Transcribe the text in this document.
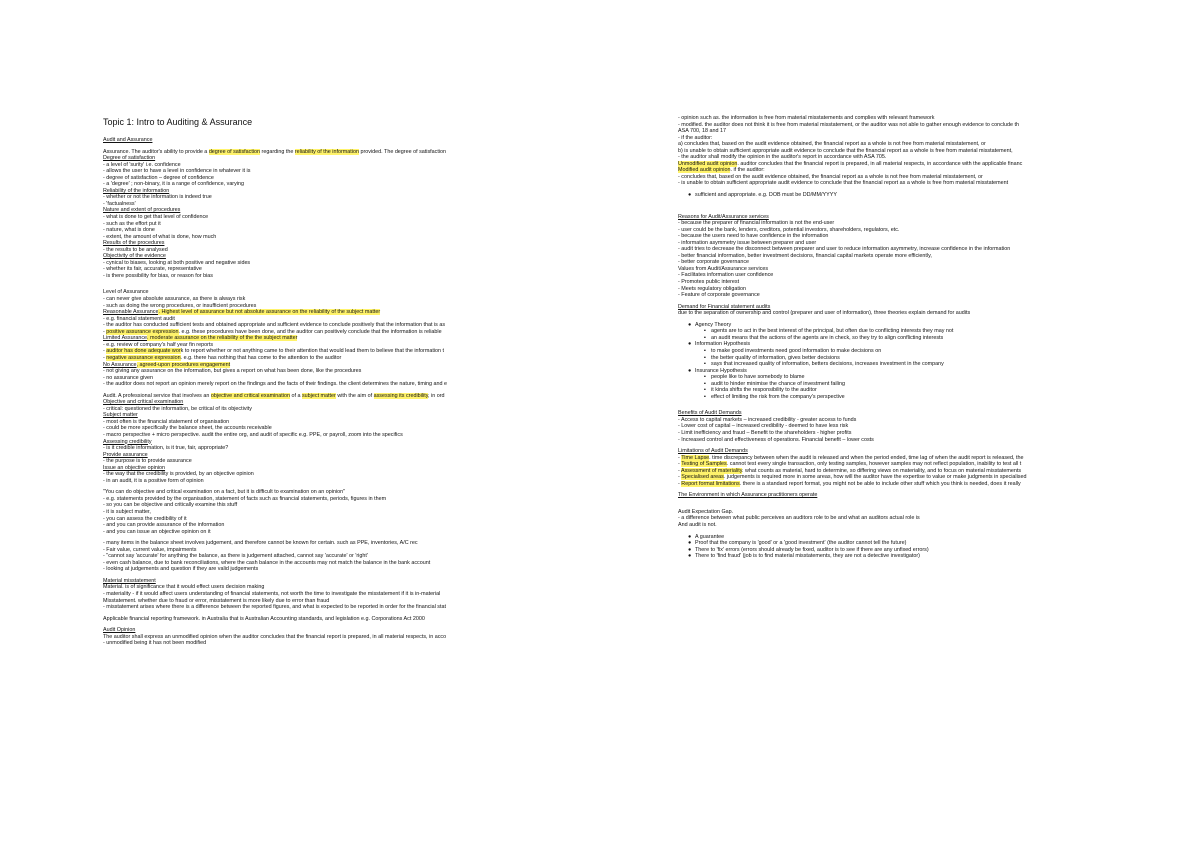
Topic 1: Intro to Auditing & Assurance
Audit and Assurance
Assurance. The auditor's ability to provide a degree of satisfaction regarding the reliability of the information provided. The degree of satisfaction
Degree of satisfaction
- a level of 'surity' i.e. confidence
- allows the user to have a level in confidence in whatever it is
- degree of satisfaction – degree of confidence
- a 'degree' ; non-binary, it is a range of confidence, varying
Reliability of the information
- whether or not the information is indeed true
- 'factualness'
Nature and extent of procedures
- what is done to get that level of confidence
- such as the effort put it
- nature, what is done
- extent, the amount of what is done, how much
Results of the procedures
- the results to be analysed
Objectivity of the evidence
- cynical to biases, looking at both positive and negative sides
- whether its fair, accurate, representative
- is there possibility for bias, or reason for bias
Level of Assurance
- can never give absolute assurance, as there is always risk
- such as doing the wrong procedures, or insufficient procedures
Reasonable Assurance. Highest level of assurance but not absolute assurance on the reliability of the subject matter
- e.g. financial statement audit
- the auditor has conducted sufficient tests and obtained appropriate and sufficient evidence to conclude positively that the information that is as
- positive assurance expression. e.g. these procedures have been done, and the auditor can positively conclude that the information is reliable
Limited Assurance. moderate assurance on the reliability of the the subject matter
- e.g. review of company's half year fin reports
- auditor has done adequate work to report whether or not anything came to their attention that would lead them to believe that the information t
- negative assurance expression. e.g. there has nothing that has come to the attention to the auditor
No Assurance, agreed-upon procedures engagement
- not giving any assurance on the information, but gives a report on what has been done, like the procedures
- no assurance given
- the auditor does not report an opinion merely report on the findings and the facts of their findings. the client determines the nature, timing and e
Audit. A professional service that involves an objective and critical examination of a subject matter with the aim of assessing its credibility, in ord
Objective and critical examination
- critical: questioned the information, be critical of its objectivity
Subject matter
- most often is the financial statement of organisation
- could be more specifically the balance sheet, the accounts receivable
- macro perspective + micro perspective. audit the entire org, and audit of specific e.g. PPE, or payroll, zoom into the specifics
Assessing credibility
- is it credible information, is it true, fair, appropriate?
Provide assurance
- the purpose is to provide assurance
Issue an objective opinion
- the way that the credibility is provided, by an objective opinion
- in an audit, it is a positive form of opinion
"You can do objective and critical examination on a fact, but it is difficult to examination on an opinion"
- e.g. statements provided by the organisation, statement of facts such as financial statements, periods, figures in them
- so you can be objective and critically examine this stuff
- it is subject matter,
- you can assess the credibility of it
- and you can provide assurance of the information
- and you can issue an objective opinion on it
- many items in the balance sheet involves judgement, and therefore cannot be known for certain. such as PPE, inventories, A/C rec
- Fair value, current value, impairments
- "cannot say 'accurate' for anything the balance, as there is judgement attached, cannot say 'accurate' or 'right'
- even cash balance, due to bank reconciliations, where the cash balance in the accounts may not match the balance in the bank account
- looking at judgements and question if they are valid judgements
Material misstatement
Material. is of significance that it would effect users decision making
- materiality - if it would affect users understanding of financial statements, not worth the time to investigate the misstatement if it is in-material
Misstatement. whether due to fraud or error, misstatement is more likely due to error than fraud
- misstatement arises where there is a difference between the reported figures, and what is expected to be reported in order for the financial stat
Applicable financial reporting framework. in Australia that is Australian Accounting standards, and legislation e.g. Corporations Act 2000
Audit Opinion
The auditor shall express an unmodified opinion when the auditor concludes that the financial report is prepared, in all material respects, in acco
- unmodified being it has not been modified
- opinion such as. the information is free from material misstatements and complies with relevant framework
- modified. the auditor does not think it is free from material misstatement, or the auditor was not able to gather enough evidence to conclude th
ASA 700, 18 and 17
- if the auditor:
a) concludes that, based on the audit evidence obtained, the financial report as a whole is not free from material misstatement, or
b) is unable to obtain sufficient appropriate audit evidence to conclude that the financial report as a whole is free from material misstatement,
- the auditor shall modify the opinion in the auditor's report in accordance with ASA 705.
Unmodified audit opinion. auditor concludes that the financial report is prepared, in all material respects, in accordance with the applicable financ
Modified audit opinion. if the auditor:
- concludes that, based on the audit evidence obtained, the financial report as a whole is not free from material misstatement, or
- is unable to obtain sufficient appropriate audit evidence to conclude that the financial report as a whole is free from material misstatement
● sufficient and appropriate. e.g. DOB must be DD/MM/YYYY
Reasons for Audit/Assurance services
- because the preparer of financial information is not the end-user
- user could be the bank, lenders, creditors, potential investors, shareholders, regulators, etc.
- because the users need to have confidence in the information
- information asymmetry issue between preparer and user
- audit tries to decrease the disconnect between preparer and user to reduce information asymmetry, increase confidence in the information
- better financial information, better investment decisions, financial capital markets operate more efficiently,
- better corporate governance
Values from Audit/Assurance services
- Facilitates information user confidence
- Promotes public interest
- Meets regulatory obligation
- Feature of corporate governance
Demand for Financial statement audits
due to the separation of ownership and control (preparer and user of information), three theories explain demand for audits
● Agency Theory
▪ agents are to act in the best interest of the principal, but often due to conflicting interests they may not
▪ an audit means that the actions of the agents are in check, so they try to align conflicting interests
● Information Hypothesis
▪ to make good investments need good information to make decisions on
▪ the better quality of information, gives better decisions
▪ says that increased quality of information, betters decisions, increases investment in the company
● Insurance Hypothesis
▪ people like to have somebody to blame
▪ audit to hinder minimise the chance of investment failing
▪ it kinda shifts the responsibility to the auditor
▪ effect of limiting the risk from the company's perspective
Benefits of Audit Demands
- Access to capital markets – increased credibility - greater access to funds
- Lower cost of capital – increased credibility - deemed to have less risk
- Limit inefficiency and fraud – Benefit to the shareholders - higher profits
- Increased control and effectiveness of operations. Financial benefit – lower costs
Limitations of Audit Demands
- Time Lapse. time discrepancy between when the audit is released and when the period ended, time lag of when the audit report is released, the
- Testing of Samples. cannot test every single transaction, only testing samples, however samples may not reflect population, inability to test all t
- Assessment of materiality. what counts as material, hard to determine, so differing views on materiality, and to focus on material misstatements
- Specialised areas. judgements is required more in some areas, how will the auditor have the expertise to value or make judgments in specialised
- Report format limitations. there is a standard report format, you might not be able to include other stuff which you think is needed, does it really
The Environment in which Assurance practitioners operate
Audit Expectation Gap.
- a difference between what public perceives an auditors role to be and what an auditors actual role is
And audit is not.
● A guarantee
● Proof that the company is 'good' or a 'good investment' (the auditor cannot tell the future)
● There to 'fix' errors (errors should already be fixed, auditor is to see if there are any unfixed errors)
● There to 'find fraud' (job is to find material misstatements, they are not a detective investigator)
